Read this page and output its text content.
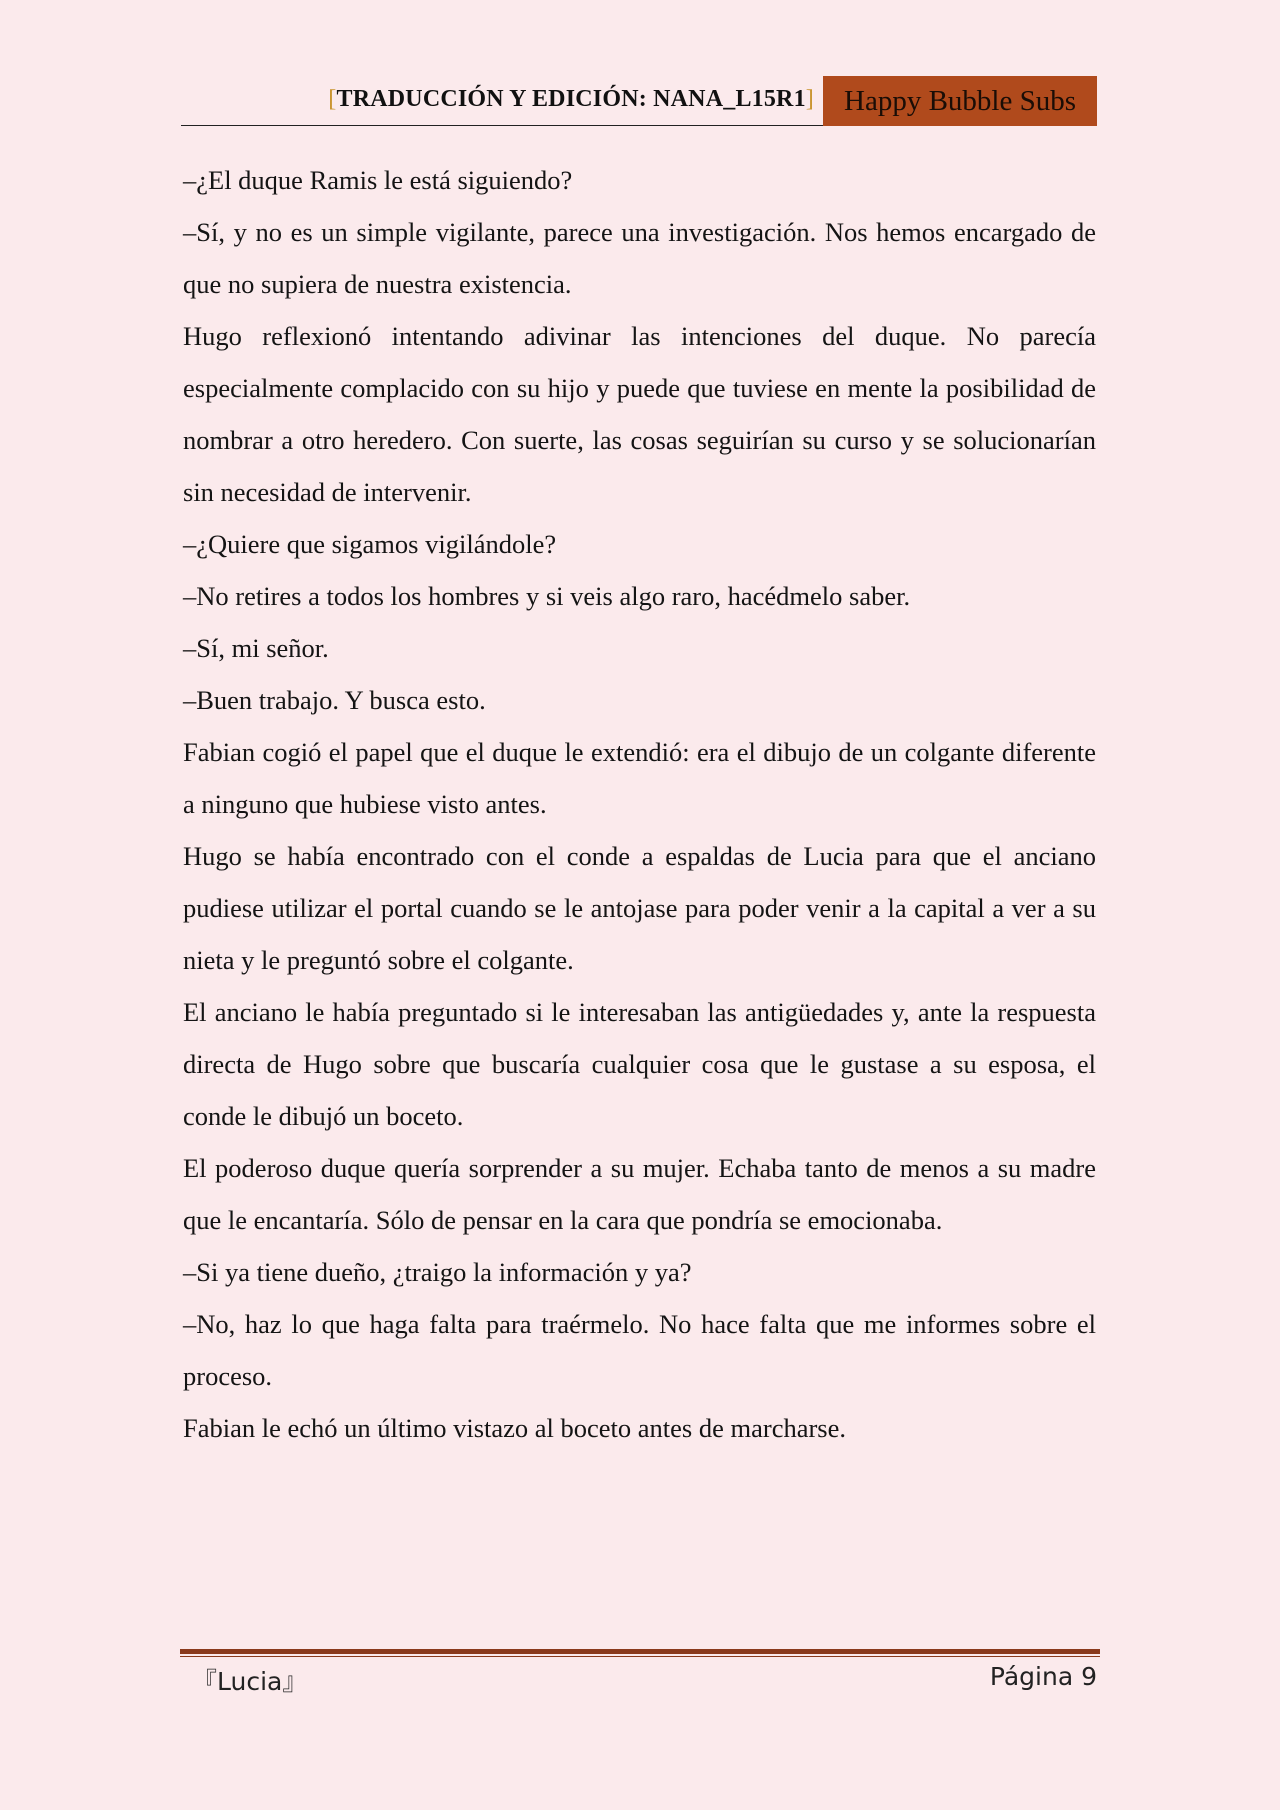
[TRADUCCIÓN Y EDICIÓN: NANA_L15R1]	Happy Bubble Subs

–¿El duque Ramis le está siguiendo?

–Sí, y no es un simple vigilante, parece una investigación. Nos hemos encargado de que no supiera de nuestra existencia.

Hugo reflexionó intentando adivinar las intenciones del duque. No parecía especialmente complacido con su hijo y puede que tuviese en mente la posibilidad de nombrar a otro heredero. Con suerte, las cosas seguirían su curso y se solucionarían sin necesidad de intervenir.

–¿Quiere que sigamos vigilándole?

–No retires a todos los hombres y si veis algo raro, hacédmelo saber.

–Sí, mi señor.

–Buen trabajo. Y busca esto.

Fabian cogió el papel que el duque le extendió: era el dibujo de un colgante diferente a ninguno que hubiese visto antes.

Hugo se había encontrado con el conde a espaldas de Lucia para que el anciano pudiese utilizar el portal cuando se le antojase para poder venir a la capital a ver a su nieta y le preguntó sobre el colgante.

El anciano le había preguntado si le interesaban las antigüedades y, ante la respuesta directa de Hugo sobre que buscaría cualquier cosa que le gustase a su esposa, el conde le dibujó un boceto.

El poderoso duque quería sorprender a su mujer. Echaba tanto de menos a su madre que le encantaría. Sólo de pensar en la cara que pondría se emocionaba.

–Si ya tiene dueño, ¿traigo la información y ya?

–No, haz lo que haga falta para traérmelo. No hace falta que me informes sobre el proceso.

Fabian le echó un último vistazo al boceto antes de marcharse.

『Lucia』	Página 9
